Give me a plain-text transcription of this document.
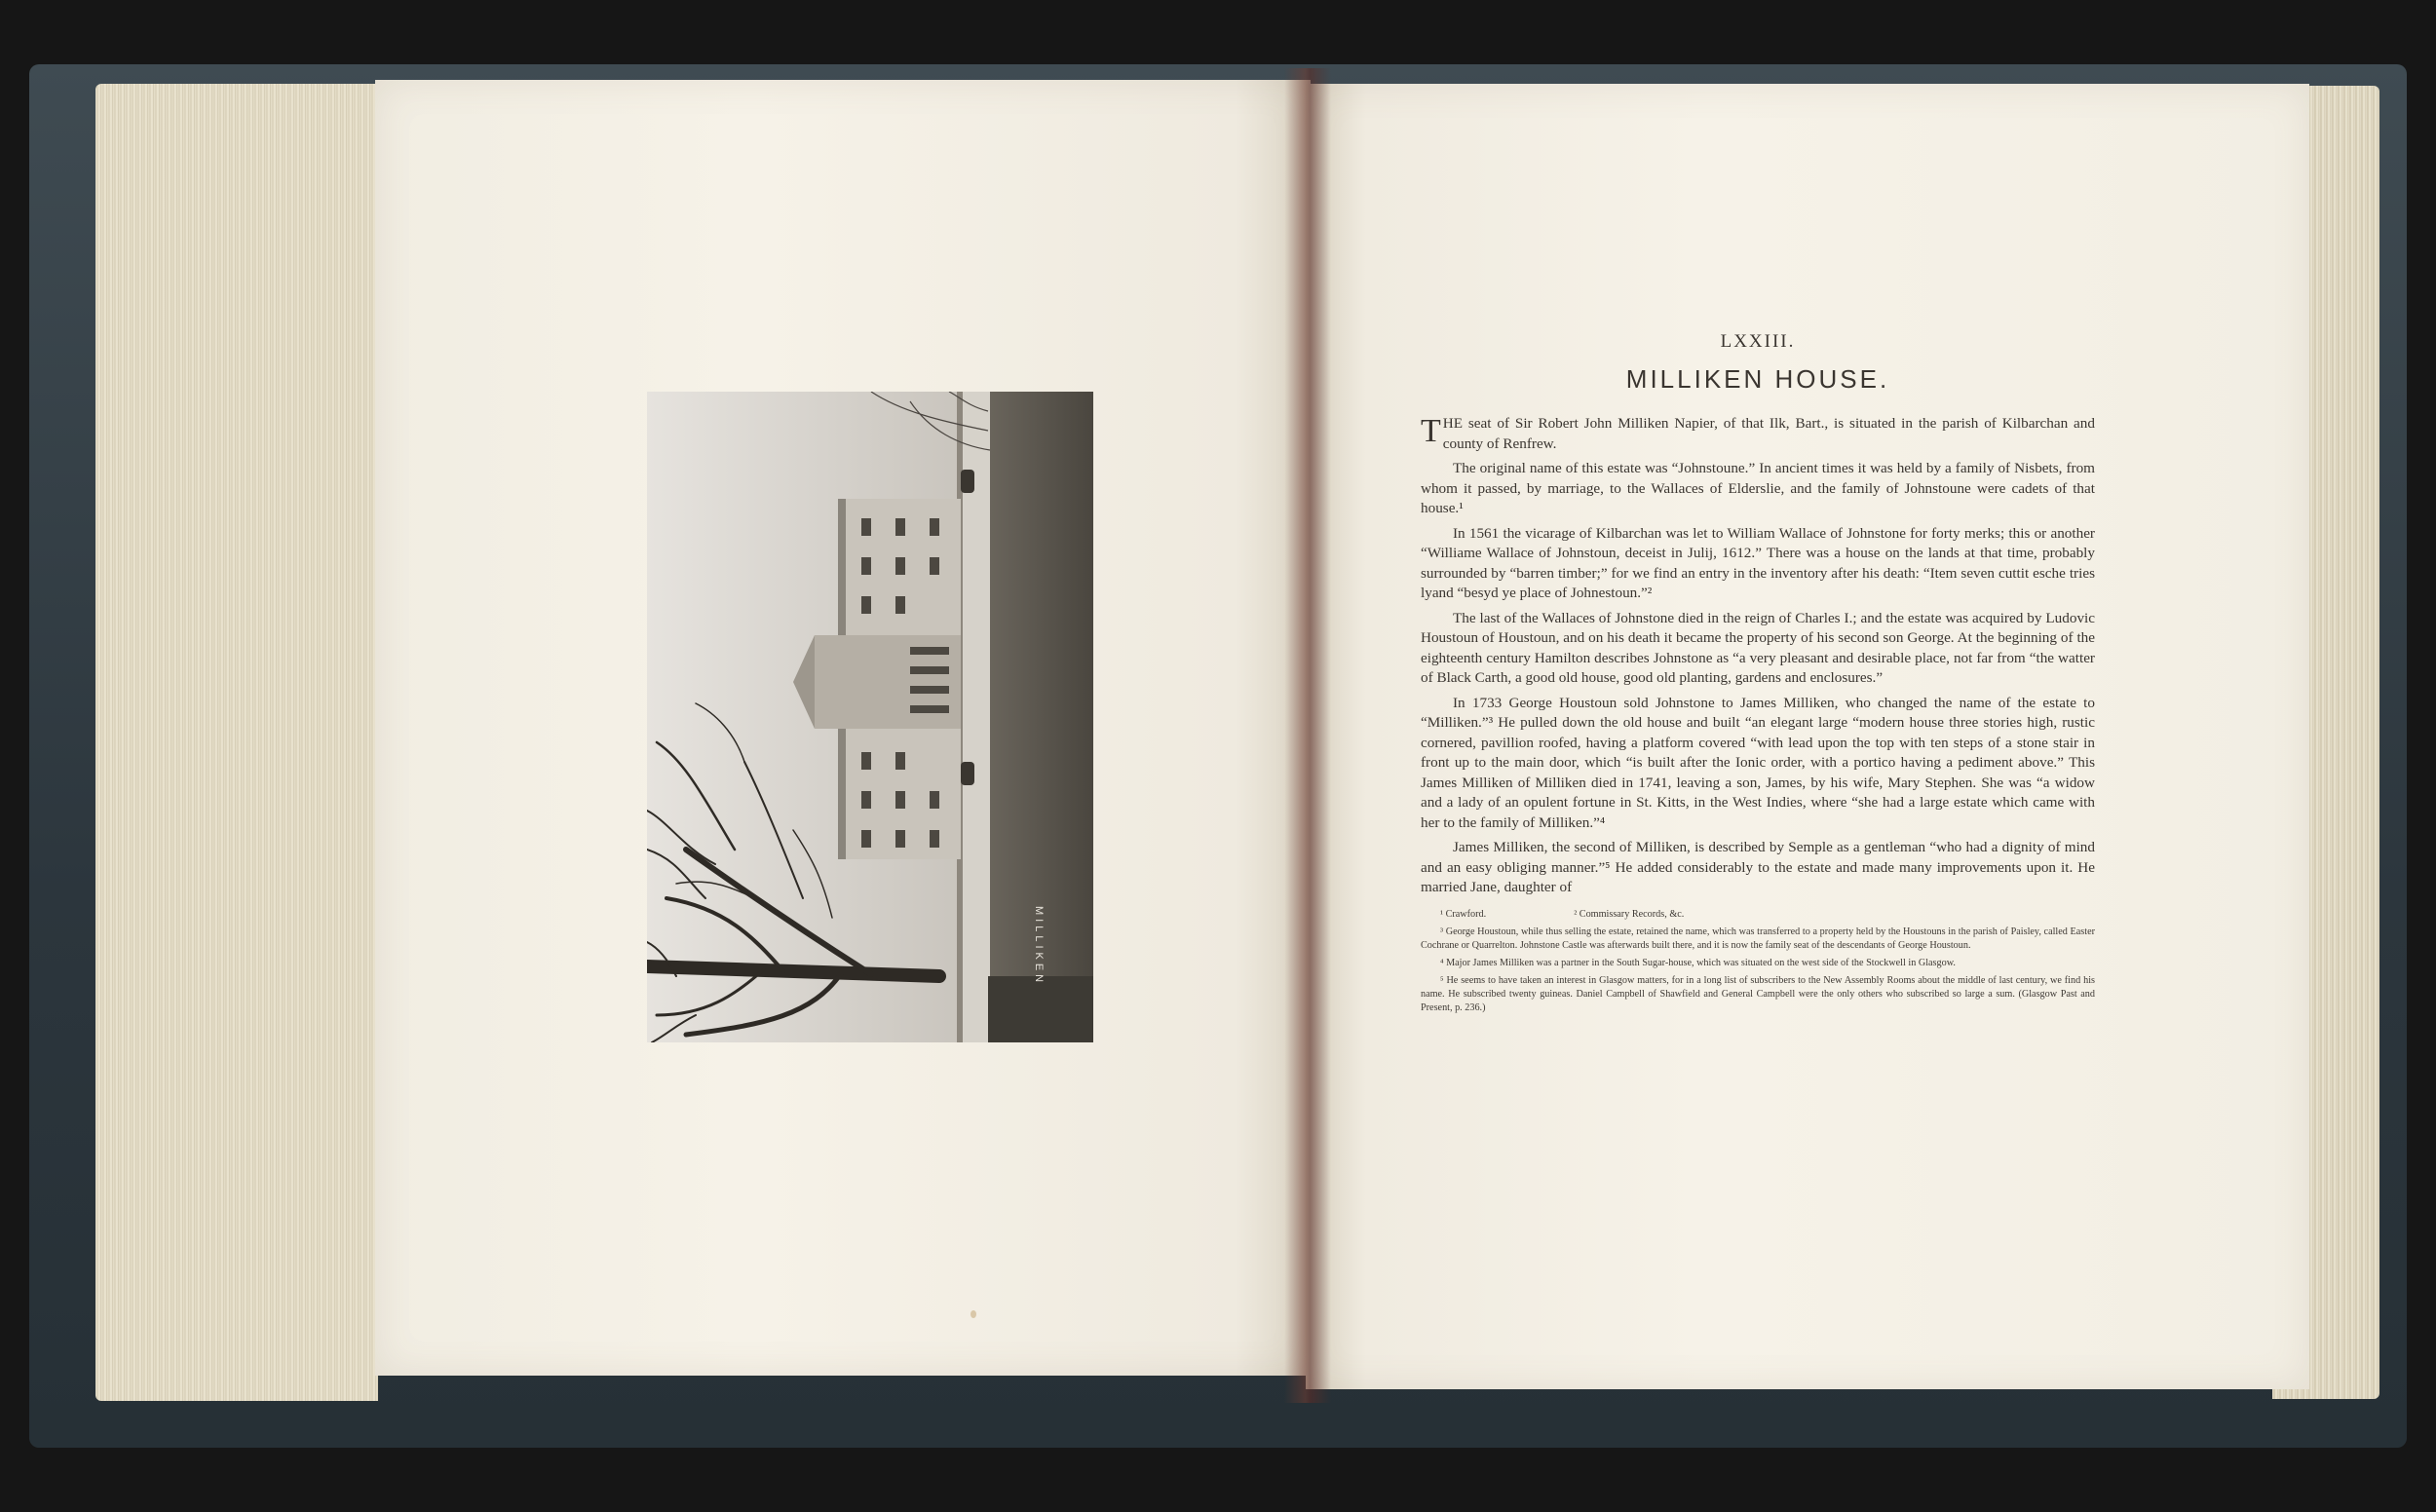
MILLIKEN
LXXIII.
MILLIKEN HOUSE.

THE seat of Sir Robert John Milliken Napier, of that Ilk, Bart., is situated in the parish of Kilbarchan and county of Renfrew.

The original name of this estate was “Johnstoune.” In ancient times it was held by a family of Nisbets, from whom it passed, by marriage, to the Wallaces of Elderslie, and the family of Johnstoune were cadets of that house.¹

In 1561 the vicarage of Kilbarchan was let to William Wallace of Johnstone for forty merks; this or another “Williame Wallace of Johnstoun, deceist in Julij, 1612.” There was a house on the lands at that time, probably surrounded by “barren timber;” for we find an entry in the inventory after his death: “Item seven cuttit esche tries lyand “besyd ye place of Johnestoun.”²

The last of the Wallaces of Johnstone died in the reign of Charles I.; and the estate was acquired by Ludovic Houstoun of Houstoun, and on his death it became the property of his second son George. At the beginning of the eighteenth century Hamilton describes Johnstone as “a very pleasant and desirable place, not far from “the watter of Black Carth, a good old house, good old planting, gardens and enclosures.”

In 1733 George Houstoun sold Johnstone to James Milliken, who changed the name of the estate to “Milliken.”³ He pulled down the old house and built “an elegant large “modern house three stories high, rustic cornered, pavillion roofed, having a platform covered “with lead upon the top with ten steps of a stone stair in front up to the main door, which “is built after the Ionic order, with a portico having a pediment above.” This James Milliken of Milliken died in 1741, leaving a son, James, by his wife, Mary Stephen. She was “a widow and a lady of an opulent fortune in St. Kitts, in the West Indies, where “she had a large estate which came with her to the family of Milliken.”⁴

James Milliken, the second of Milliken, is described by Semple as a gentleman “who had a dignity of mind and an easy obliging manner.”⁵ He added considerably to the estate and made many improvements upon it. He married Jane, daughter of

¹ Crawford.	² Commissary Records, &c.

³ George Houstoun, while thus selling the estate, retained the name, which was transferred to a property held by the Houstouns in the parish of Paisley, called Easter Cochrane or Quarrelton. Johnstone Castle was afterwards built there, and it is now the family seat of the descendants of George Houstoun.

⁴ Major James Milliken was a partner in the South Sugar-house, which was situated on the west side of the Stockwell in Glasgow.

⁵ He seems to have taken an interest in Glasgow matters, for in a long list of subscribers to the New Assembly Rooms about the middle of last century, we find his name. He subscribed twenty guineas. Daniel Campbell of Shawfield and General Campbell were the only others who subscribed so large a sum. (Glasgow Past and Present, p. 236.)
